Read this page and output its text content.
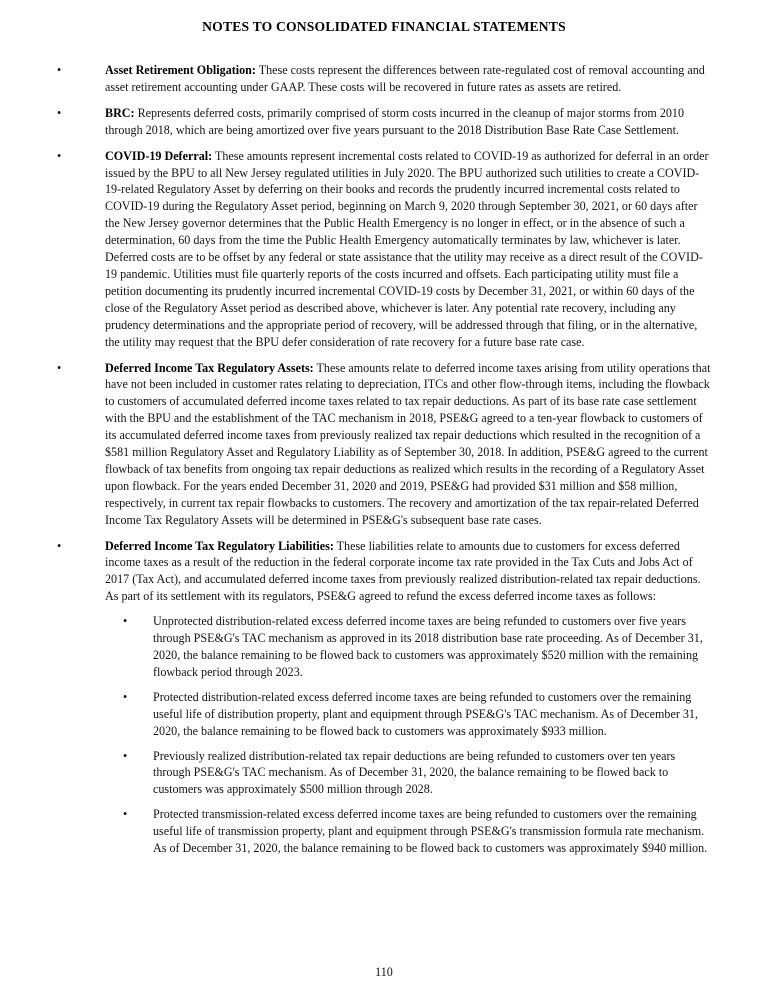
NOTES TO CONSOLIDATED FINANCIAL STATEMENTS
•	Asset Retirement Obligation: These costs represent the differences between rate-regulated cost of removal accounting and asset retirement accounting under GAAP. These costs will be recovered in future rates as assets are retired.
•	BRC: Represents deferred costs, primarily comprised of storm costs incurred in the cleanup of major storms from 2010 through 2018, which are being amortized over five years pursuant to the 2018 Distribution Base Rate Case Settlement.
•	COVID-19 Deferral: These amounts represent incremental costs related to COVID-19 as authorized for deferral in an order issued by the BPU to all New Jersey regulated utilities in July 2020. The BPU authorized such utilities to create a COVID-19-related Regulatory Asset by deferring on their books and records the prudently incurred incremental costs related to COVID-19 during the Regulatory Asset period, beginning on March 9, 2020 through September 30, 2021, or 60 days after the New Jersey governor determines that the Public Health Emergency is no longer in effect, or in the absence of such a determination, 60 days from the time the Public Health Emergency automatically terminates by law, whichever is later. Deferred costs are to be offset by any federal or state assistance that the utility may receive as a direct result of the COVID-19 pandemic. Utilities must file quarterly reports of the costs incurred and offsets. Each participating utility must file a petition documenting its prudently incurred incremental COVID-19 costs by December 31, 2021, or within 60 days of the close of the Regulatory Asset period as described above, whichever is later. Any potential rate recovery, including any prudency determinations and the appropriate period of recovery, will be addressed through that filing, or in the alternative, the utility may request that the BPU defer consideration of rate recovery for a future base rate case.
•	Deferred Income Tax Regulatory Assets: These amounts relate to deferred income taxes arising from utility operations that have not been included in customer rates relating to depreciation, ITCs and other flow-through items, including the flowback to customers of accumulated deferred income taxes related to tax repair deductions. As part of its base rate case settlement with the BPU and the establishment of the TAC mechanism in 2018, PSE&G agreed to a ten-year flowback to customers of its accumulated deferred income taxes from previously realized tax repair deductions which resulted in the recognition of a $581 million Regulatory Asset and Regulatory Liability as of September 30, 2018. In addition, PSE&G agreed to the current flowback of tax benefits from ongoing tax repair deductions as realized which results in the recording of a Regulatory Asset upon flowback. For the years ended December 31, 2020 and 2019, PSE&G had provided $31 million and $58 million, respectively, in current tax repair flowbacks to customers. The recovery and amortization of the tax repair-related Deferred Income Tax Regulatory Assets will be determined in PSE&G's subsequent base rate cases.
•	Deferred Income Tax Regulatory Liabilities: These liabilities relate to amounts due to customers for excess deferred income taxes as a result of the reduction in the federal corporate income tax rate provided in the Tax Cuts and Jobs Act of 2017 (Tax Act), and accumulated deferred income taxes from previously realized distribution-related tax repair deductions. As part of its settlement with its regulators, PSE&G agreed to refund the excess deferred income taxes as follows:
•	Unprotected distribution-related excess deferred income taxes are being refunded to customers over five years through PSE&G's TAC mechanism as approved in its 2018 distribution base rate proceeding. As of December 31, 2020, the balance remaining to be flowed back to customers was approximately $520 million with the remaining flowback period through 2023.
•	Protected distribution-related excess deferred income taxes are being refunded to customers over the remaining useful life of distribution property, plant and equipment through PSE&G's TAC mechanism. As of December 31, 2020, the balance remaining to be flowed back to customers was approximately $933 million.
•	Previously realized distribution-related tax repair deductions are being refunded to customers over ten years through PSE&G's TAC mechanism. As of December 31, 2020, the balance remaining to be flowed back to customers was approximately $500 million through 2028.
•	Protected transmission-related excess deferred income taxes are being refunded to customers over the remaining useful life of transmission property, plant and equipment through PSE&G's transmission formula rate mechanism. As of December 31, 2020, the balance remaining to be flowed back to customers was approximately $940 million.
110
